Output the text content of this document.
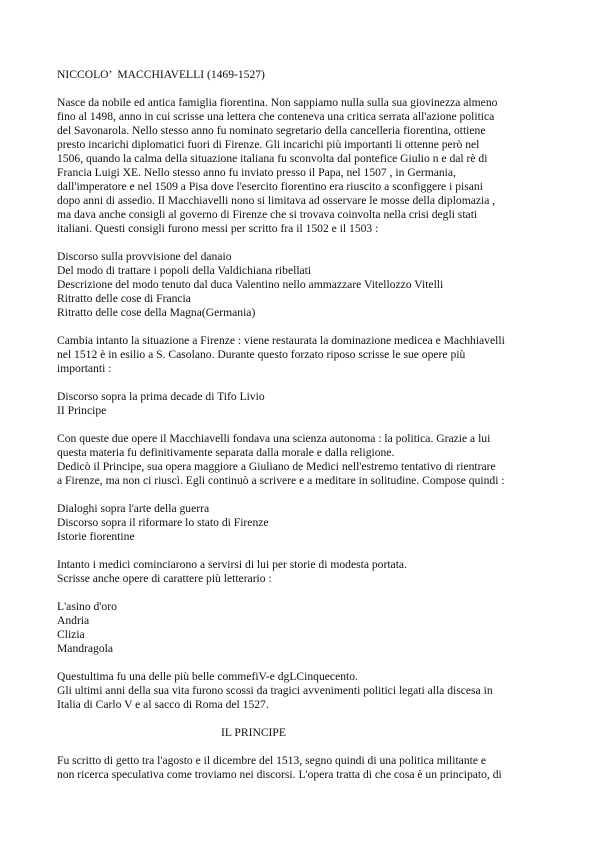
NICCOLO’  MACCHIAVELLI (1469-1527)
Nasce da nobile ed antica famiglia fiorentina. Non sappiamo nulla sulla sua giovinezza almeno
fino al 1498, anno in cui scrisse una lettera che conteneva una critica serrata all'azione politica
del Savonarola. Nello stesso anno fu nominato segretario della cancelleria fiorentina, ottiene
presto incarichi diplomatici fuori di Firenze. Gli incarichi più importanti li ottenne però nel
1506, quando la calma della situazione italiana fu sconvolta dal pontefice Giulio n e dal rè di
Francia Luigi XE. Nello stesso anno fu inviato presso il Papa, nel 1507 , in Germania,
dall'imperatore e nel 1509 a Pisa dove l'esercito fiorentino era riuscito a sconfiggere i pisani
dopo anni di assedio. Il Macchiavelli nono si limitava ad osservare le mosse della diplomazia ,
ma dava anche consigli al governo di Firenze che si trovava coinvolta nella crisi degli stati
italiani. Questi consigli furono messi per scritto fra il 1502 e il 1503 :
Discorso sulla provvisione del danaio
Del modo di trattare i popoli della Valdichiana ribellati
Descrizione del modo tenuto dal duca Valentino nello ammazzare Vitellozzo Vitelli
Ritratto delle cose di Francia
Ritratto delle cose della Magna(Germania)
Cambia intanto la situazione a Firenze : viene restaurata la dominazione medicea e Machhiavelli
nel 1512 è in esilio a S. Casolano. Durante questo forzato riposo scrisse le sue opere più
importanti :
Discorso sopra la prima decade di Tifo Livio
II Principe
Con queste due opere il Macchiavelli fondava una scienza autonoma : la politica. Grazie a lui
questa materia fu definitivamente separata dalla morale e dalla religione.
Dedicò il Principe, sua opera maggiore a Giuliano de Medici nell'estremo tentativo di rientrare
a Firenze, ma non ci riuscì. Egli continuò a scrivere e a meditare in solitudine. Compose quindi :
Dialoghi sopra l'arte della guerra
Discorso sopra il riformare lo stato di Firenze
Istorie fiorentine
Intanto i medici cominciarono a servirsi di lui per storie di modesta portata.
Scrisse anche opere di carattere più letterario :
L'asino d'oro
Andria
Clizia
Mandragola
Questultima fu una delle più belle commefiV-e dgLCinquecento.
Gli ultimi anni della sua vita furono scossi da tragici avvenimenti politici legati alla discesa in
Italia di Carlo V e al sacco di Roma del 1527.
IL PRINCIPE
Fu scritto di getto tra l'agosto e il dicembre del 1513, segno quindi di una politica militante e
non ricerca speculativa come troviamo nei discorsi. L'opera tratta di che cosa è un principato, di
